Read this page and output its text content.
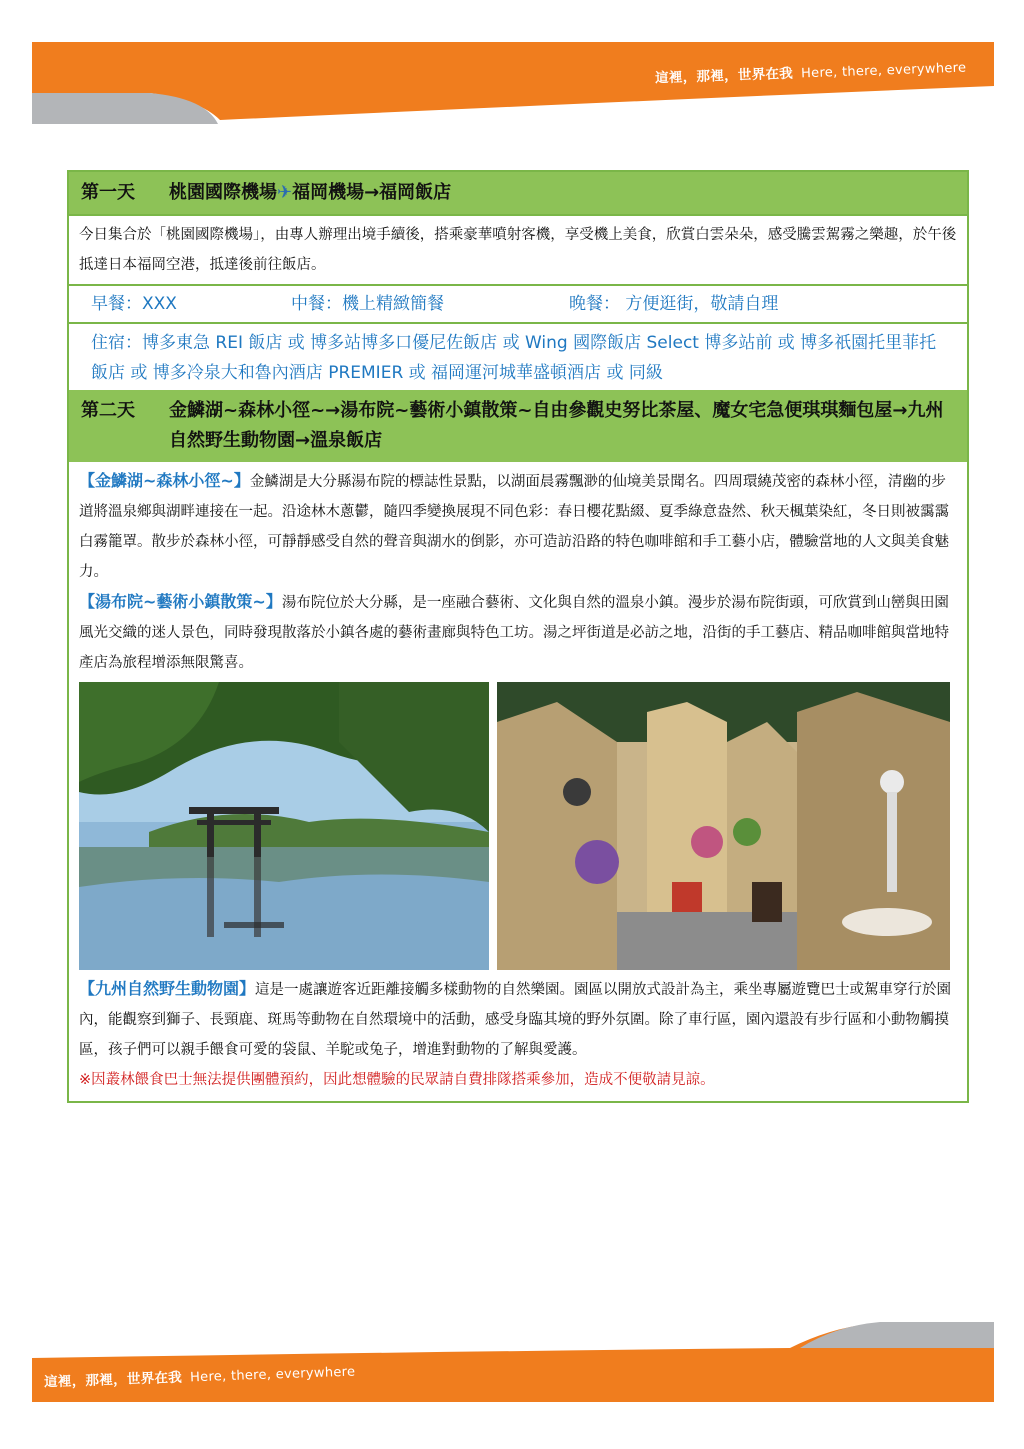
這裡，那裡，世界在我 Here, there, everywhere
第一天	桃園國際機場✈福岡機場→福岡飯店
今日集合於「桃園國際機場」，由專人辦理出境手續後，搭乘豪華噴射客機，享受機上美食，欣賞白雲朵朵，感受騰雲駕霧之樂趣，於午後抵達日本福岡空港，抵達後前往飯店。
早餐：XXX	中餐：機上精緻簡餐	晚餐： 方便逛街，敬請自理
住宿：博多東急 REI 飯店 或 博多站博多口優尼佐飯店 或 Wing 國際飯店 Select 博多站前 或 博多祇園托里菲托飯店 或 博多冷泉大和魯內酒店 PREMIER 或 福岡運河城華盛頓酒店 或 同級
第二天	金鱗湖~森林小徑~→湯布院~藝術小鎮散策~自由參觀史努比茶屋、魔女宅急便琪琪麵包屋→九州自然野生動物園→溫泉飯店
【金鱗湖~森林小徑~】金鱗湖是大分縣湯布院的標誌性景點，以湖面晨霧飄渺的仙境美景聞名。四周環繞茂密的森林小徑，清幽的步道將溫泉鄉與湖畔連接在一起。沿途林木蔥鬱，隨四季變換展現不同色彩：春日櫻花點綴、夏季綠意盎然、秋天楓葉染紅，冬日則被靄靄白霧籠罩。散步於森林小徑，可靜靜感受自然的聲音與湖水的倒影，亦可造訪沿路的特色咖啡館和手工藝小店，體驗當地的人文與美食魅力。
【湯布院~藝術小鎮散策~】湯布院位於大分縣，是一座融合藝術、文化與自然的溫泉小鎮。漫步於湯布院街頭，可欣賞到山巒與田園風光交織的迷人景色，同時發現散落於小鎮各處的藝術畫廊與特色工坊。湯之坪街道是必訪之地，沿街的手工藝店、精品咖啡館與當地特產店為旅程增添無限驚喜。
【九州自然野生動物園】這是一處讓遊客近距離接觸多樣動物的自然樂園。園區以開放式設計為主，乘坐專屬遊覽巴士或駕車穿行於園內，能觀察到獅子、長頸鹿、斑馬等動物在自然環境中的活動，感受身臨其境的野外氛圍。除了車行區，園內還設有步行區和小動物觸摸區，孩子們可以親手餵食可愛的袋鼠、羊駝或兔子，增進對動物的了解與愛護。
※因叢林餵食巴士無法提供團體預約，因此想體驗的民眾請自費排隊搭乘參加，造成不便敬請見諒。
這裡，那裡，世界在我 Here, there, everywhere
